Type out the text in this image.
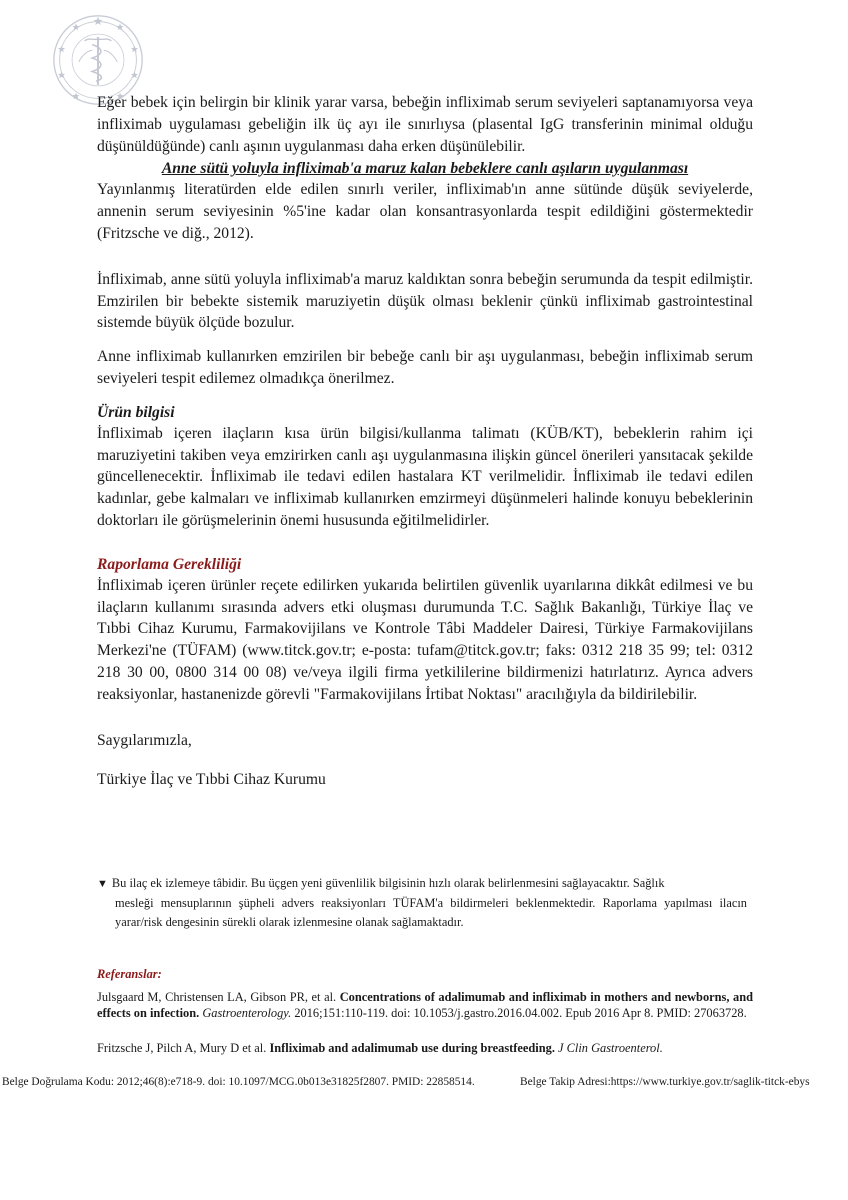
Eğer bebek için belirgin bir klinik yarar varsa, bebeğin infliximab serum seviyeleri saptanamıyorsa veya infliximab uygulaması gebeliğin ilk üç ayı ile sınırlıysa (plasental IgG transferinin minimal olduğu düşünüldüğünde) canlı aşının uygulanması daha erken düşünülebilir.

Anne sütü yoluyla infliximab'a maruz kalan bebeklere canlı aşıların uygulanması

Yayınlanmış literatürden elde edilen sınırlı veriler, infliximab'ın anne sütünde düşük seviyelerde, annenin serum seviyesinin %5'ine kadar olan konsantrasyonlarda tespit edildiğini göstermektedir (Fritzsche ve diğ., 2012).

İnfliximab, anne sütü yoluyla infliximab'a maruz kaldıktan sonra bebeğin serumunda da tespit edilmiştir. Emzirilen bir bebekte sistemik maruziyetin düşük olması beklenir çünkü infliximab gastrointestinal sistemde büyük ölçüde bozulur.

Anne infliximab kullanırken emzirilen bir bebeğe canlı bir aşı uygulanması, bebeğin infliximab serum seviyeleri tespit edilemez olmadıkça önerilmez.

Ürün bilgisi

İnfliximab içeren ilaçların kısa ürün bilgisi/kullanma talimatı (KÜB/KT), bebeklerin rahim içi maruziyetini takiben veya emzirirken canlı aşı uygulanmasına ilişkin güncel önerileri yansıtacak şekilde güncellenecektir. İnfliximab ile tedavi edilen hastalara KT verilmelidir. İnfliximab ile tedavi edilen kadınlar, gebe kalmaları ve infliximab kullanırken emzirmeyi düşünmeleri halinde konuyu bebeklerinin doktorları ile görüşmelerinin önemi hususunda eğitilmelidirler.

Raporlama Gerekliliği

İnfliximab içeren ürünler reçete edilirken yukarıda belirtilen güvenlik uyarılarına dikkât edilmesi ve bu ilaçların kullanımı sırasında advers etki oluşması durumunda T.C. Sağlık Bakanlığı, Türkiye İlaç ve Tıbbi Cihaz Kurumu, Farmakovijilans ve Kontrole Tâbi Maddeler Dairesi, Türkiye Farmakovijilans Merkezi'ne (TÜFAM) (www.titck.gov.tr; e-posta: tufam@titck.gov.tr; faks: 0312 218 35 99; tel: 0312 218 30 00, 0800 314 00 08) ve/veya ilgili firma yetkililerine bildirmenizi hatırlatırız. Ayrıca advers reaksiyonlar, hastanenizde görevli "Farmakovijilans İrtibat Noktası" aracılığıyla da bildirilebilir.

Saygılarımızla,

Türkiye İlaç ve Tıbbi Cihaz Kurumu

▼ Bu ilaç ek izlemeye tâbidir. Bu üçgen yeni güvenlilik bilgisinin hızlı olarak belirlenmesini sağlayacaktır. Sağlık
mesleği mensuplarının şüpheli advers reaksiyonları TÜFAM'a bildirmeleri beklenmektedir. Raporlama yapılması ilacın yarar/risk dengesinin sürekli olarak izlenmesine olanak sağlamaktadır.
Referanslar:
Julsgaard M, Christensen LA, Gibson PR, et al. Concentrations of adalimumab and infliximab in mothers and newborns, and effects on infection. Gastroenterology. 2016;151:110-119. doi: 10.1053/j.gastro.2016.04.002. Epub 2016 Apr 8. PMID: 27063728.
Fritzsche J, Pilch A, Mury D et al. Infliximab and adalimumab use during breastfeeding. J Clin Gastroenterol.
Belge Doğrulama Kodu: 2012;46(8):e718-9. doi: 10.1097/MCG.0b013e31825f2807. PMID: 22858514.	Belge Takip Adresi:https://www.turkiye.gov.tr/saglik-titck-ebys
